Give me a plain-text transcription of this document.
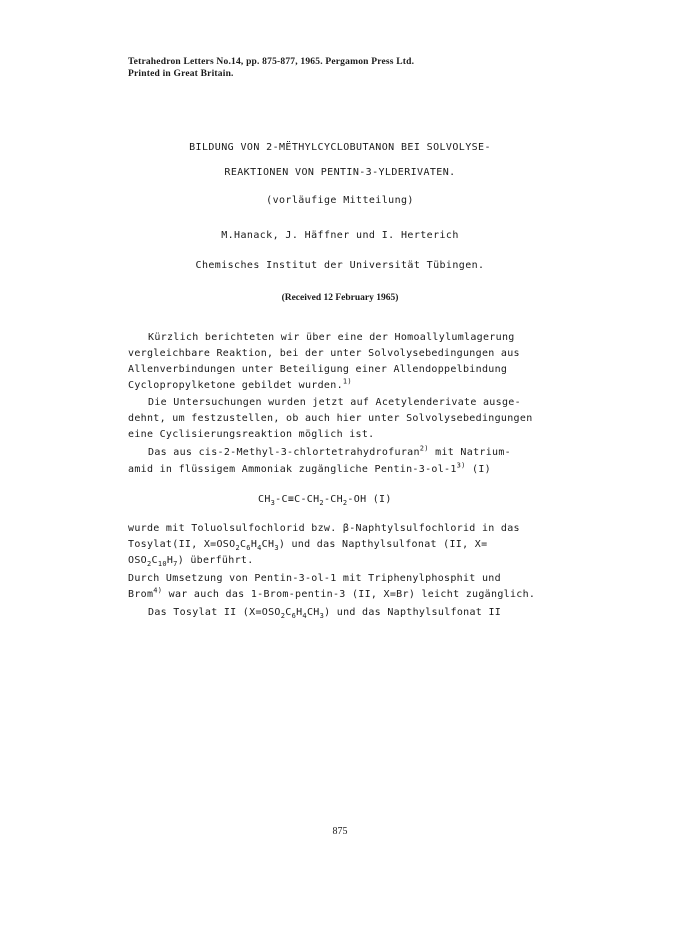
Tetrahedron Letters No.14, pp. 875-877, 1965. Pergamon Press Ltd.
Printed in Great Britain.
BILDUNG VON 2-MËTHYLCYCLOBUTANON BEI SOLVOLYSE-
REAKTIONEN VON PENTIN-3-YLDERIVATEN.
(vorläufige Mitteilung)
M.Hanack, J. Häffner und I. Herterich
Chemisches Institut der Universität Tübingen.
(Received 12 February 1965)
Kürzlich berichteten wir über eine der Homoallylumlagerung
vergleichbare Reaktion, bei der unter Solvolysebedingungen aus
Allenverbindungen unter Beteiligung einer Allendoppelbindung
Cyclopropylketone gebildet wurden.$^{1)}$
Die Untersuchungen wurden jetzt auf Acetylenderivate ausge-
dehnt, um festzustellen, ob auch hier unter Solvolysebedingungen
eine Cyclisierungsreaktion möglich ist.
Das aus cis-2-Methyl-3-chlortetrahydrofuran$^{2)}$ mit Natrium-
amid in flüssigem Ammoniak zugängliche Pentin-3-ol-1$^{3)}$ (I)
$CH_3-C\equiv C-CH_2-CH_2-OH$ (I)
wurde mit Toluolsulfochlorid bzw. β-Naphtylsulfochlorid in das
Tosylat(II, $X=OSO_2C_6H_4CH_3$) und das Napthylsulfonat (II, X=
$OSO_2C_{10}H_7$) überführt.
Durch Umsetzung von Pentin-3-ol-1 mit Triphenylphosphit und
Brom$^{4)}$ war auch das 1-Brom-pentin-3 (II, X=Br) leicht zugänglich.
Das Tosylat II $(X=OSO_2C_6H_4CH_3)$ und das Napthylsulfonat II
875
